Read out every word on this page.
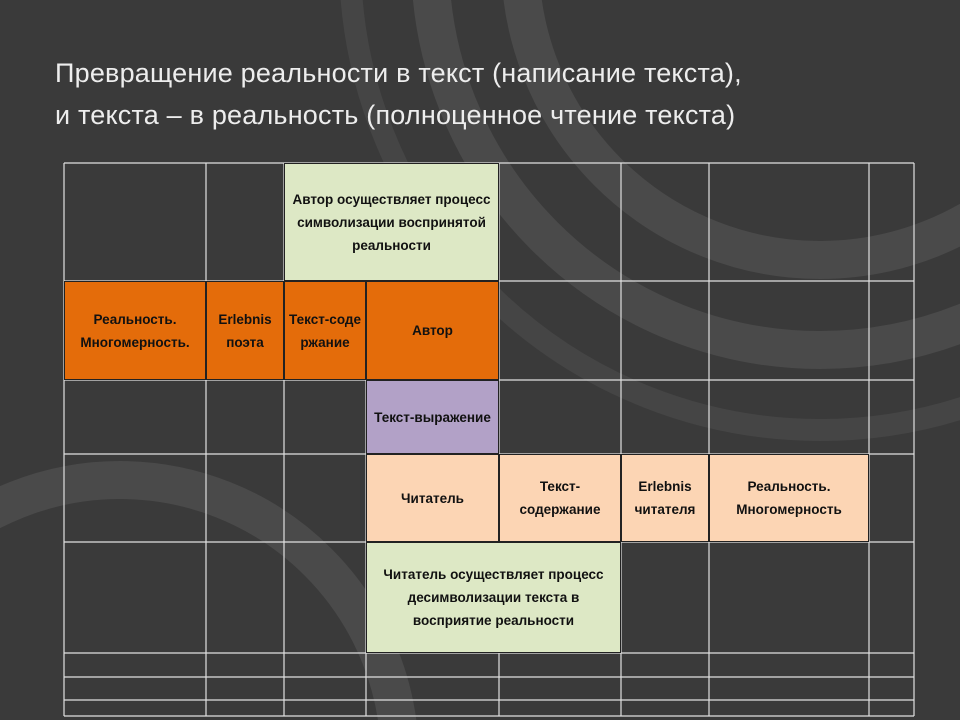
Превращение реальности в текст (написание текста),
и текста – в реальность (полноценное чтение текста)
Автор осуществляет процесс символизации воспринятой реальности
Реальность. Многомерность.
Erlebnis поэта
Текст-содержание
Автор
Текст-выражение
Читатель
Текст-содержание
Erlebnis читателя
Реальность. Многомерность
Читатель осуществляет процесс десимволизации текста в восприятие реальности
